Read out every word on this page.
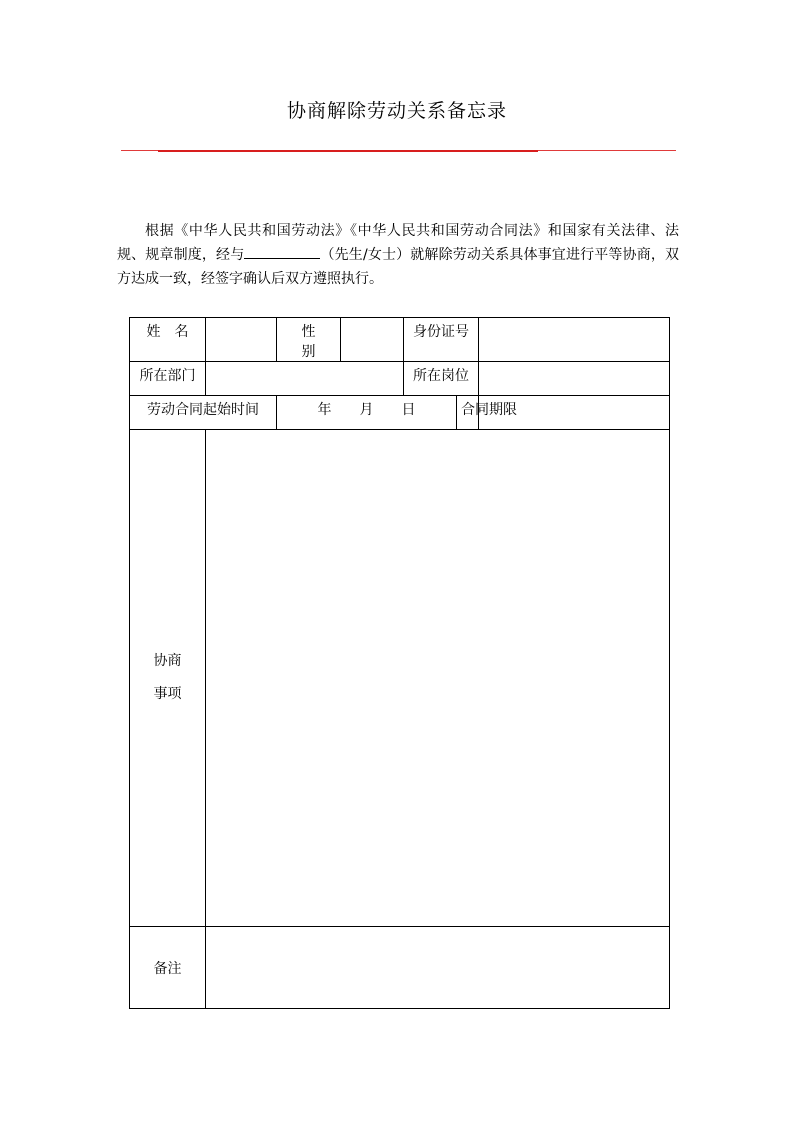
协商解除劳动关系备忘录

根据《中华人民共和国劳动法》《中华人民共和国劳动合同法》和国家有关法律、法规、规章制度，经与	（先生/女士）就解除劳动关系具体事宜进行平等协商，双方达成一致，经签字确认后双方遵照执行。

姓名		性别		身份证号		
所在部门				所在岗位		
劳动合同起始时间		年 月 日			合同期限	

协商
事项						

备注						
